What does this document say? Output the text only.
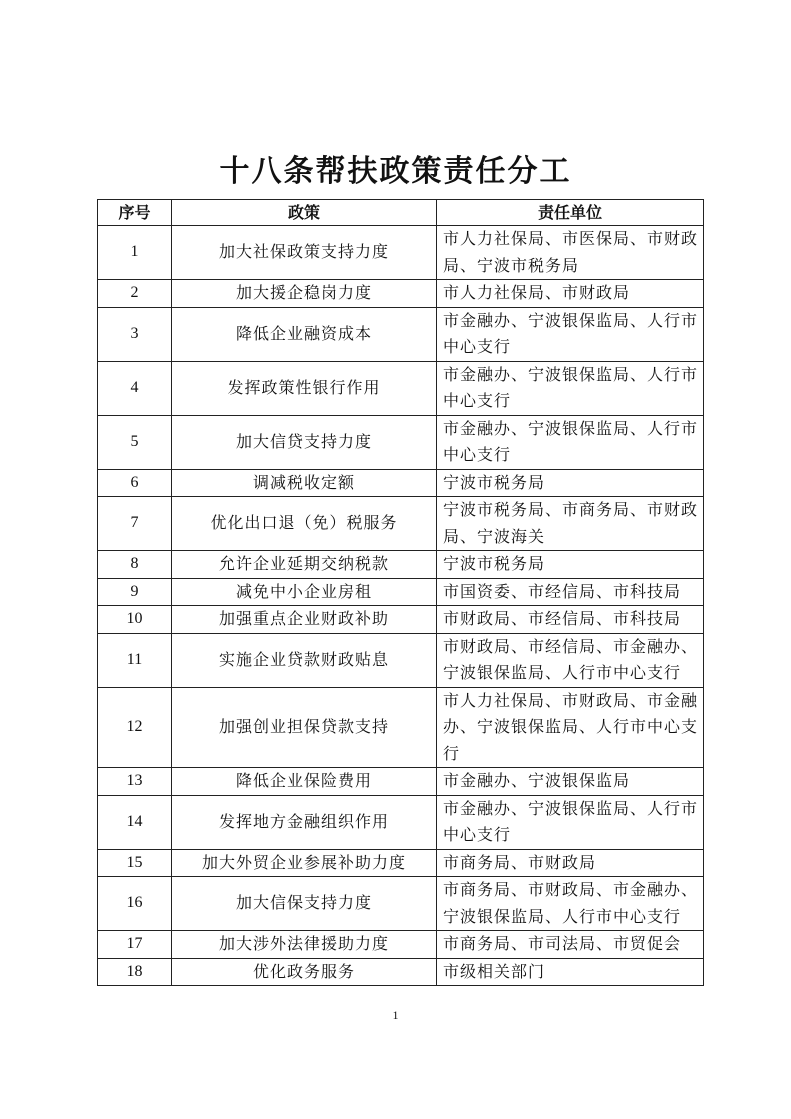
十八条帮扶政策责任分工
序号	政策	责任单位
1	加大社保政策支持力度	市人力社保局、市医保局、市财政局、宁波市税务局
2	加大援企稳岗力度	市人力社保局、市财政局
3	降低企业融资成本	市金融办、宁波银保监局、人行市中心支行
4	发挥政策性银行作用	市金融办、宁波银保监局、人行市中心支行
5	加大信贷支持力度	市金融办、宁波银保监局、人行市中心支行
6	调减税收定额	宁波市税务局
7	优化出口退（免）税服务	宁波市税务局、市商务局、市财政局、宁波海关
8	允许企业延期交纳税款	宁波市税务局
9	减免中小企业房租	市国资委、市经信局、市科技局
10	加强重点企业财政补助	市财政局、市经信局、市科技局
11	实施企业贷款财政贴息	市财政局、市经信局、市金融办、宁波银保监局、人行市中心支行
12	加强创业担保贷款支持	市人力社保局、市财政局、市金融办、宁波银保监局、人行市中心支行
13	降低企业保险费用	市金融办、宁波银保监局
14	发挥地方金融组织作用	市金融办、宁波银保监局、人行市中心支行
15	加大外贸企业参展补助力度	市商务局、市财政局
16	加大信保支持力度	市商务局、市财政局、市金融办、宁波银保监局、人行市中心支行
17	加大涉外法律援助力度	市商务局、市司法局、市贸促会
18	优化政务服务	市级相关部门
1
